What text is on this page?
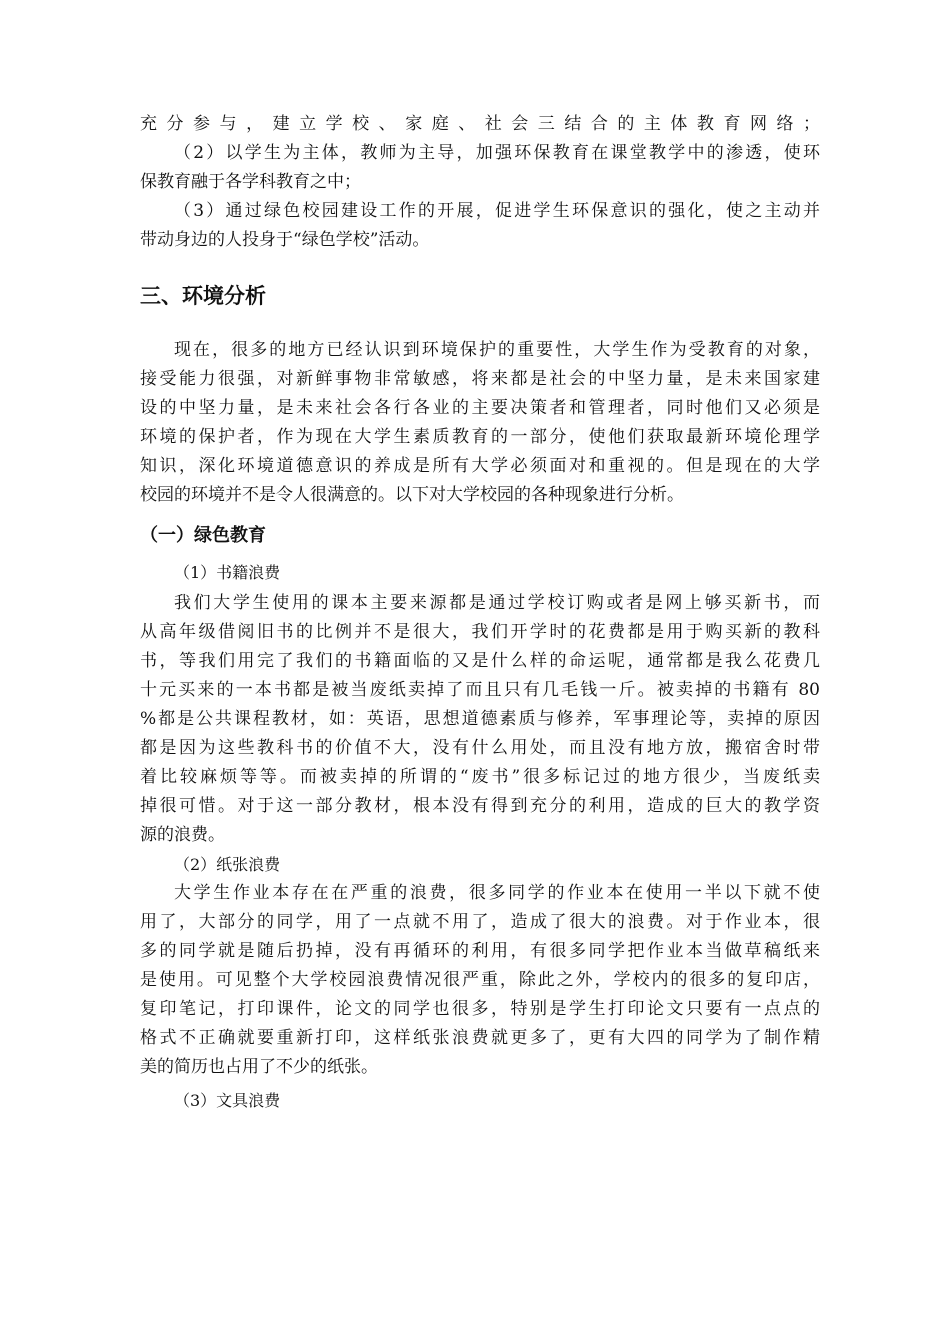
充分参与，建立学校、家庭、社会三结合的主体教育网络；
（2）以学生为主体，教师为主导，加强环保教育在课堂教学中的渗透，使环
保教育融于各学科教育之中；
（3）通过绿色校园建设工作的开展，促进学生环保意识的强化，使之主动并
带动身边的人投身于“绿色学校”活动。
三、环境分析
现在，很多的地方已经认识到环境保护的重要性，大学生作为受教育的对象，
接受能力很强，对新鲜事物非常敏感，将来都是社会的中坚力量，是未来国家建
设的中坚力量，是未来社会各行各业的主要决策者和管理者，同时他们又必须是
环境的保护者，作为现在大学生素质教育的一部分，使他们获取最新环境伦理学
知识，深化环境道德意识的养成是所有大学必须面对和重视的。但是现在的大学
校园的环境并不是令人很满意的。以下对大学校园的各种现象进行分析。
（一）绿色教育
（1）书籍浪费
我们大学生使用的课本主要来源都是通过学校订购或者是网上够买新书，而
从高年级借阅旧书的比例并不是很大，我们开学时的花费都是用于购买新的教科
书，等我们用完了我们的书籍面临的又是什么样的命运呢，通常都是我么花费几
十元买来的一本书都是被当废纸卖掉了而且只有几毛钱一斤。被卖掉的书籍有 80
%都是公共课程教材，如：英语，思想道德素质与修养，军事理论等，卖掉的原因
都是因为这些教科书的价值不大，没有什么用处，而且没有地方放，搬宿舍时带
着比较麻烦等等。而被卖掉的所谓的“废书”很多标记过的地方很少，当废纸卖
掉很可惜。对于这一部分教材，根本没有得到充分的利用，造成的巨大的教学资
源的浪费。
（2）纸张浪费
大学生作业本存在在严重的浪费，很多同学的作业本在使用一半以下就不使
用了，大部分的同学，用了一点就不用了，造成了很大的浪费。对于作业本，很
多的同学就是随后扔掉，没有再循环的利用，有很多同学把作业本当做草稿纸来
是使用。可见整个大学校园浪费情况很严重，除此之外，学校内的很多的复印店，
复印笔记，打印课件，论文的同学也很多，特别是学生打印论文只要有一点点的
格式不正确就要重新打印，这样纸张浪费就更多了，更有大四的同学为了制作精
美的简历也占用了不少的纸张。
（3）文具浪费
